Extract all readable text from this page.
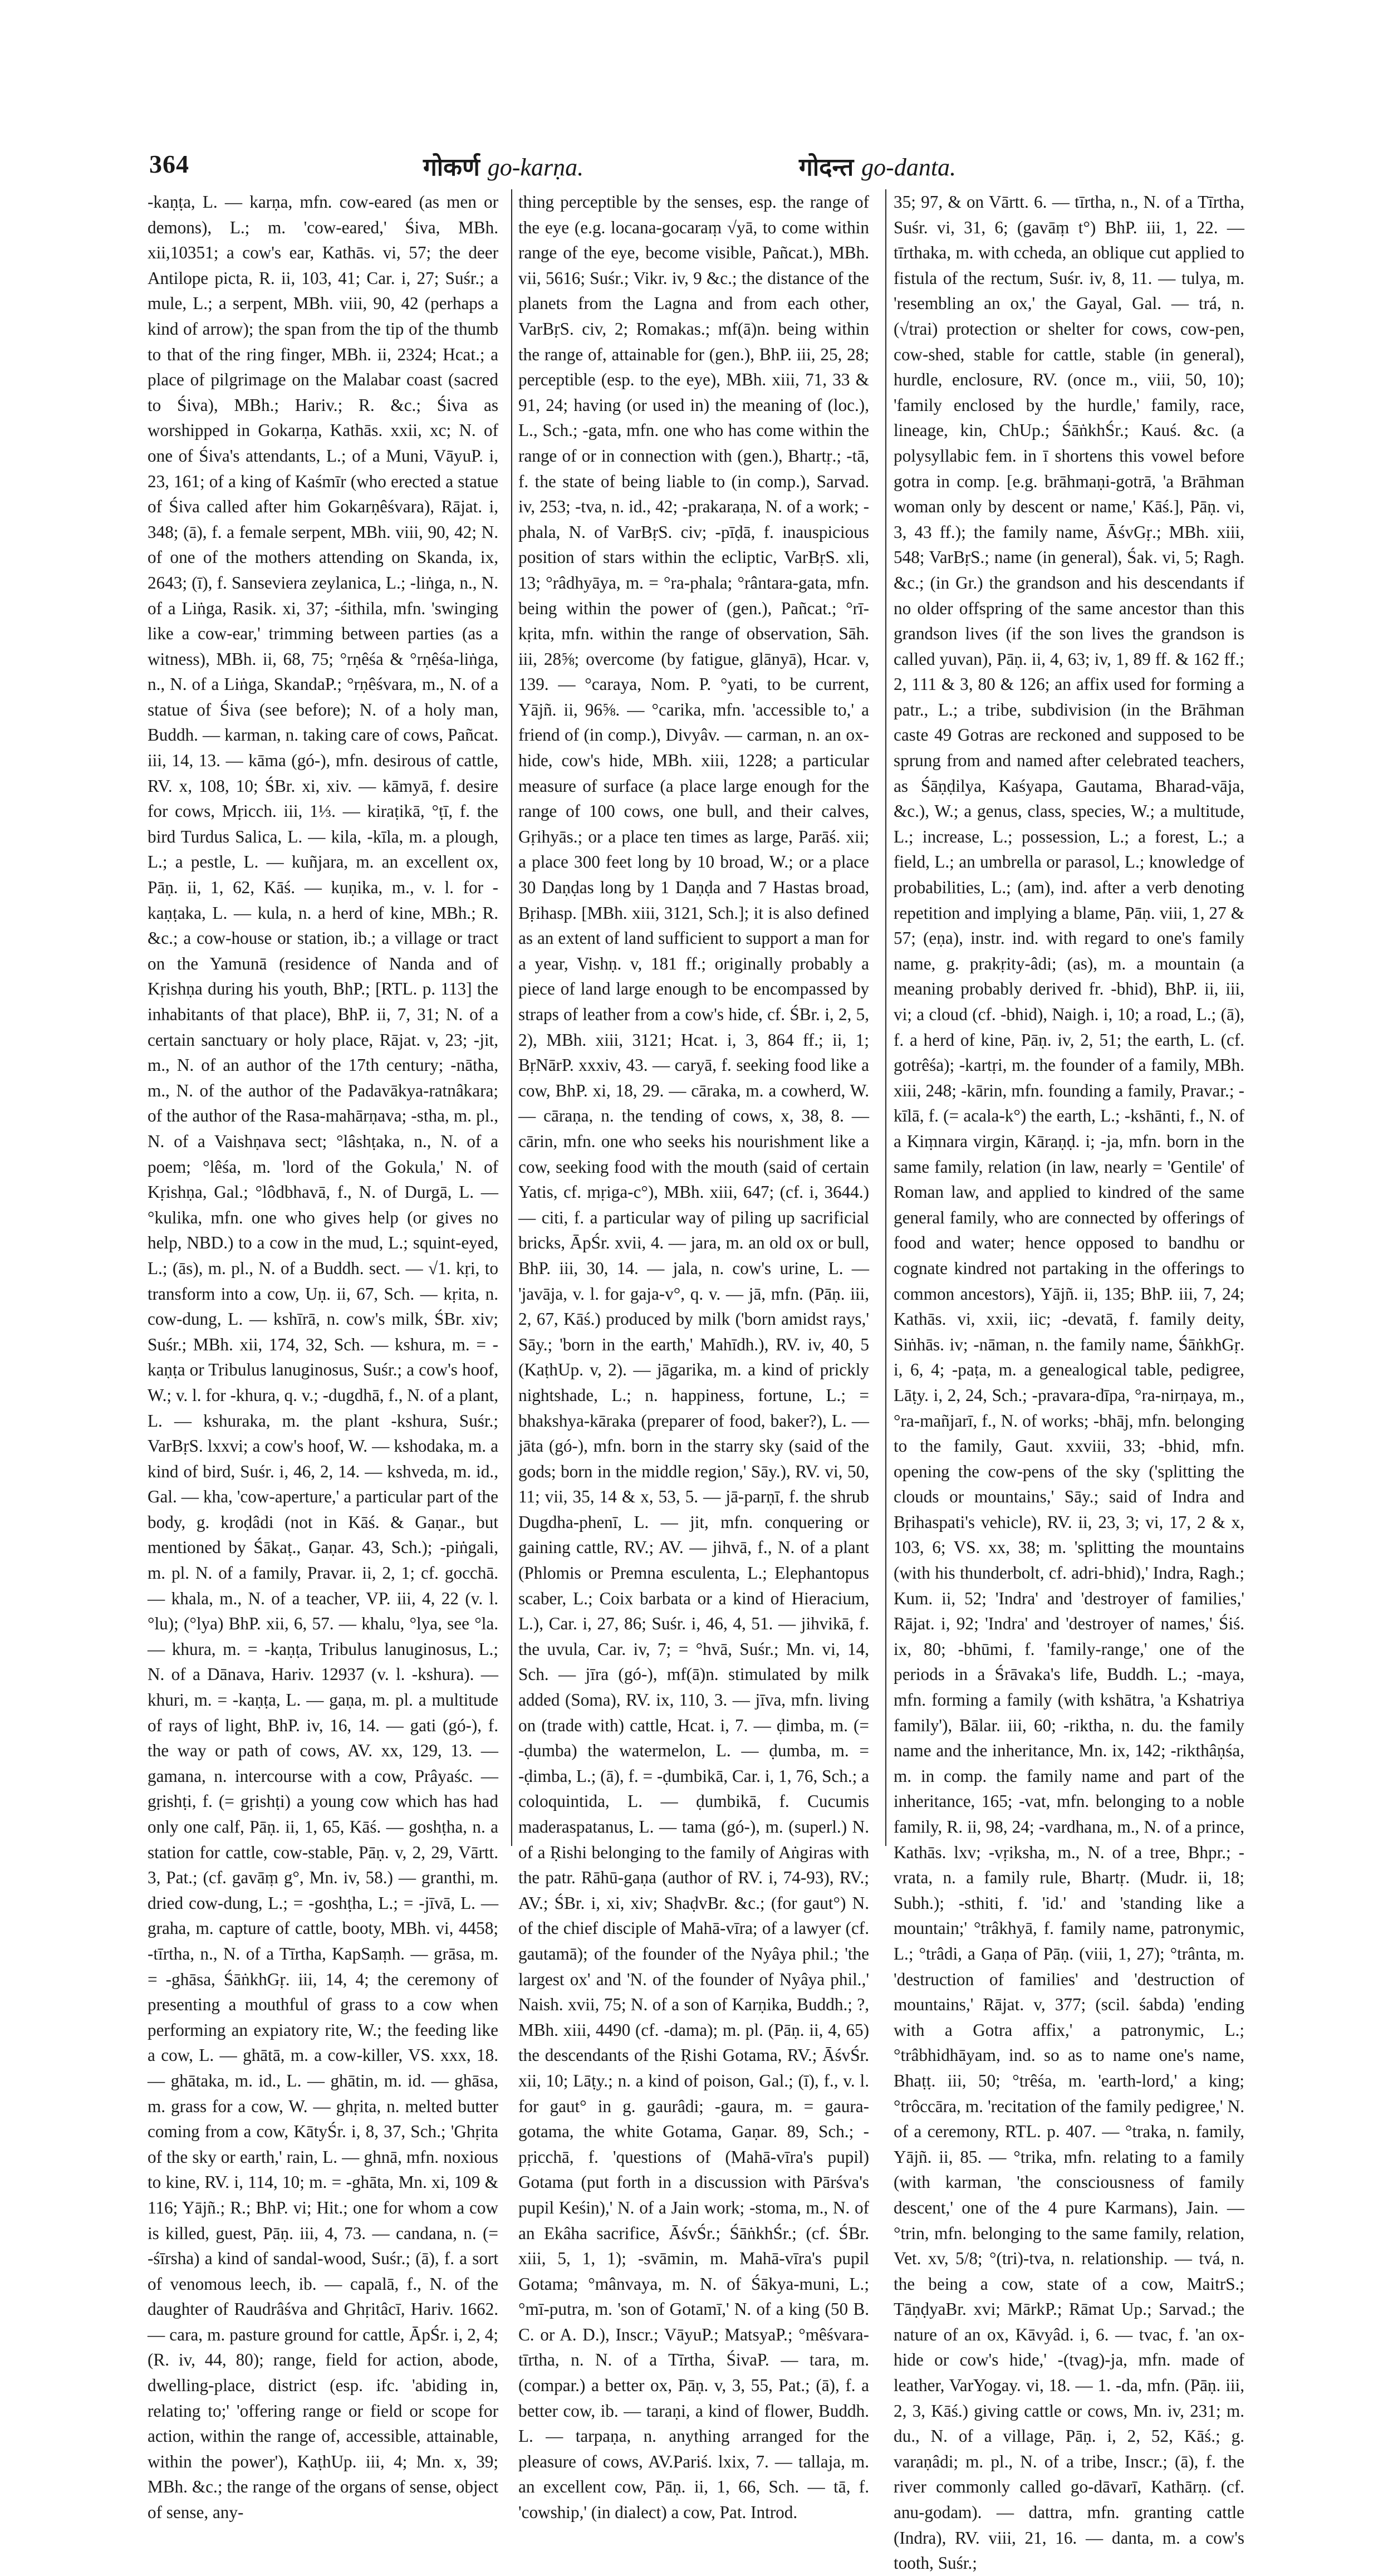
364	गोकर्ण go-karṇa.	गोदन्त go-danta.

-kaṇṭa, L. — karṇa, mfn. cow-eared (as men or demons), L.; m. 'cow-eared,' Śiva, MBh. xii,10351; a cow's ear, Kathās. vi, 57; the deer Antilope picta, R. ii, 103, 41; Car. i, 27; Suśr.; a mule, L.; a serpent, MBh. viii, 90, 42 (perhaps a kind of arrow); the span from the tip of the thumb to that of the ring finger, MBh. ii, 2324; Hcat.; a place of pilgrimage on the Malabar coast (sacred to Śiva), MBh.; Hariv.; R. &c.; Śiva as worshipped in Gokarṇa, Kathās. xxii, xc; N. of one of Śiva's attendants, L.; of a Muni, VāyuP. i, 23, 161; of a king of Kaśmīr (who erected a statue of Śiva called after him Gokarṇêśvara), Rājat. i, 348; (ā), f. a female serpent, MBh. viii, 90, 42; N. of one of the mothers attending on Skanda, ix, 2643; (ī), f. Sanseviera zeylanica, L.; -liṅga, n., N. of a Liṅga, Rasik. xi, 37; -śithila, mfn. 'swinging like a cow-ear,' trimming between parties (as a witness), MBh. ii, 68, 75; °rṇêśa & °rṇêśa-liṅga, n., N. of a Liṅga, SkandaP.; °rṇêśvara, m., N. of a statue of Śiva (see before); N. of a holy man, Buddh. — karman, n. taking care of cows, Pañcat. iii, 14, 13. — kāma (gó-), mfn. desirous of cattle, RV. x, 108, 10; ŚBr. xi, xiv. — kāmyā, f. desire for cows, Mṛicch. iii, 1⅓. — kiraṭikā, °ṭī, f. the bird Turdus Salica, L. — kila, -kīla, m. a plough, L.; a pestle, L. — kuñjara, m. an excellent ox, Pāṇ. ii, 1, 62, Kāś. — kuṇika, m., v. l. for -kaṇṭaka, L. — kula, n. a herd of kine, MBh.; R. &c.; a cow-house or station, ib.; a village or tract on the Yamunā (residence of Nanda and of Kṛishṇa during his youth, BhP.; [RTL. p. 113] the inhabitants of that place), BhP. ii, 7, 31; N. of a certain sanctuary or holy place, Rājat. v, 23; -jit, m., N. of an author of the 17th century; -nātha, m., N. of the author of the Padavākya-ratnâkara; of the author of the Rasa-mahārṇava; -stha, m. pl., N. of a Vaishṇava sect; °lâshṭaka, n., N. of a poem; °lêśa, m. 'lord of the Gokula,' N. of Kṛishṇa, Gal.; °lôdbhavā, f., N. of Durgā, L. — °kulika, mfn. one who gives help (or gives no help, NBD.) to a cow in the mud, L.; squint-eyed, L.; (ās), m. pl., N. of a Buddh. sect. — √1. kṛi, to transform into a cow, Uṇ. ii, 67, Sch. — kṛita, n. cow-dung, L. — kshīrā, n. cow's milk, ŚBr. xiv; Suśr.; MBh. xii, 174, 32, Sch. — kshura, m. = -kaṇṭa or Tribulus lanuginosus, Suśr.; a cow's hoof, W.; v. l. for -khura, q. v.; -dugdhā, f., N. of a plant, L. — kshuraka, m. the plant -kshura, Suśr.; VarBṛS. lxxvi; a cow's hoof, W. — kshodaka, m. a kind of bird, Suśr. i, 46, 2, 14. — kshveda, m. id., Gal. — kha, 'cow-aperture,' a particular part of the body, g. kroḍâdi (not in Kāś. & Gaṇar., but mentioned by Śākaṭ., Gaṇar. 43, Sch.); -piṅgali, m. pl. N. of a family, Pravar. ii, 2, 1; cf. gocchā. — khala, m., N. of a teacher, VP. iii, 4, 22 (v. l. °lu); (°lya) BhP. xii, 6, 57. — khalu, °lya, see °la. — khura, m. = -kaṇṭa, Tribulus lanuginosus, L.; N. of a Dānava, Hariv. 12937 (v. l. -kshura). — khuri, m. = -kaṇṭa, L. — gaṇa, m. pl. a multitude of rays of light, BhP. iv, 16, 14. — gati (gó-), f. the way or path of cows, AV. xx, 129, 13. — gamana, n. intercourse with a cow, Prâyaśc. — gṛishṭi, f. (= gṛishṭi) a young cow which has had only one calf, Pāṇ. ii, 1, 65, Kāś. — goshṭha, n. a station for cattle, cow-stable, Pāṇ. v, 2, 29, Vārtt. 3, Pat.; (cf. gavāṃ g°, Mn. iv, 58.) — granthi, m. dried cow-dung, L.; = -goshṭha, L.; = -jīvā, L. — graha, m. capture of cattle, booty, MBh. vi, 4458; -tīrtha, n., N. of a Tīrtha, KapSaṃh. — grāsa, m. = -ghāsa, ŚāṅkhGṛ. iii, 14, 4; the ceremony of presenting a mouthful of grass to a cow when performing an expiatory rite, W.; the feeding like a cow, L. — ghātā, m. a cow-killer, VS. xxx, 18. — ghātaka, m. id., L. — ghātin, m. id. — ghāsa, m. grass for a cow, W. — ghṛita, n. melted butter coming from a cow, KātyŚr. i, 8, 37, Sch.; 'Ghṛita of the sky or earth,' rain, L. — ghnā, mfn. noxious to kine, RV. i, 114, 10; m. = -ghāta, Mn. xi, 109 & 116; Yājñ.; R.; BhP. vi; Hit.; one for whom a cow is killed, guest, Pāṇ. iii, 4, 73. — candana, n. (= -śīrsha) a kind of sandal-wood, Suśr.; (ā), f. a sort of venomous leech, ib. — capalā, f., N. of the daughter of Raudrâśva and Ghṛitâcī, Hariv. 1662. — cara, m. pasture ground for cattle, ĀpŚr. i, 2, 4; (R. iv, 44, 80); range, field for action, abode, dwelling-place, district (esp. ifc. 'abiding in, relating to;' 'offering range or field or scope for action, within the range of, accessible, attainable, within the power'), KaṭhUp. iii, 4; Mn. x, 39; MBh. &c.; the range of the organs of sense, object of sense, any-

thing perceptible by the senses, esp. the range of the eye (e.g. locana-gocaraṃ √yā, to come within range of the eye, become visible, Pañcat.), MBh. vii, 5616; Suśr.; Vikr. iv, 9 &c.; the distance of the planets from the Lagna and from each other, VarBṛS. civ, 2; Romakas.; mf(ā)n. being within the range of, attainable for (gen.), BhP. iii, 25, 28; perceptible (esp. to the eye), MBh. xiii, 71, 33 & 91, 24; having (or used in) the meaning of (loc.), L., Sch.; -gata, mfn. one who has come within the range of or in connection with (gen.), Bhartṛ.; -tā, f. the state of being liable to (in comp.), Sarvad. iv, 253; -tva, n. id., 42; -prakaraṇa, N. of a work; -phala, N. of VarBṛS. civ; -pīḍā, f. inauspicious position of stars within the ecliptic, VarBṛS. xli, 13; °râdhyāya, m. = °ra-phala; °rântara-gata, mfn. being within the power of (gen.), Pañcat.; °rī-kṛita, mfn. within the range of observation, Sāh. iii, 28⅝; overcome (by fatigue, glānyā), Hcar. v, 139. — °caraya, Nom. P. °yati, to be current, Yājñ. ii, 96⅝. — °carika, mfn. 'accessible to,' a friend of (in comp.), Divyâv. — carman, n. an ox-hide, cow's hide, MBh. xiii, 1228; a particular measure of surface (a place large enough for the range of 100 cows, one bull, and their calves, Gṛihyās.; or a place ten times as large, Parāś. xii; a place 300 feet long by 10 broad, W.; or a place 30 Daṇḍas long by 1 Daṇḍa and 7 Hastas broad, Bṛihasp. [MBh. xiii, 3121, Sch.]; it is also defined as an extent of land sufficient to support a man for a year, Vishṇ. v, 181 ff.; originally probably a piece of land large enough to be encompassed by straps of leather from a cow's hide, cf. ŚBr. i, 2, 5, 2), MBh. xiii, 3121; Hcat. i, 3, 864 ff.; ii, 1; BṛNārP. xxxiv, 43. — caryā, f. seeking food like a cow, BhP. xi, 18, 29. — cāraka, m. a cowherd, W. — cāraṇa, n. the tending of cows, x, 38, 8. — cārin, mfn. one who seeks his nourishment like a cow, seeking food with the mouth (said of certain Yatis, cf. mṛiga-c°), MBh. xiii, 647; (cf. i, 3644.) — citi, f. a particular way of piling up sacrificial bricks, ĀpŚr. xvii, 4. — jara, m. an old ox or bull, BhP. iii, 30, 14. — jala, n. cow's urine, L. — 'javāja, v. l. for gaja-v°, q. v. — jā, mfn. (Pāṇ. iii, 2, 67, Kāś.) produced by milk ('born amidst rays,' Sāy.; 'born in the earth,' Mahīdh.), RV. iv, 40, 5 (KaṭhUp. v, 2). — jāgarika, m. a kind of prickly nightshade, L.; n. happiness, fortune, L.; = bhakshya-kāraka (preparer of food, baker?), L. — jāta (gó-), mfn. born in the starry sky (said of the gods; born in the middle region,' Sāy.), RV. vi, 50, 11; vii, 35, 14 & x, 53, 5. — jā-parṇī, f. the shrub Dugdha-phenī, L. — jit, mfn. conquering or gaining cattle, RV.; AV. — jihvā, f., N. of a plant (Phlomis or Premna esculenta, L.; Elephantopus scaber, L.; Coix barbata or a kind of Hieracium, L.), Car. i, 27, 86; Suśr. i, 46, 4, 51. — jihvikā, f. the uvula, Car. iv, 7; = °hvā, Suśr.; Mn. vi, 14, Sch. — jīra (gó-), mf(ā)n. stimulated by milk added (Soma), RV. ix, 110, 3. — jīva, mfn. living on (trade with) cattle, Hcat. i, 7. — ḍimba, m. (= -ḍumba) the watermelon, L. — ḍumba, m. = -ḍimba, L.; (ā), f. = -ḍumbikā, Car. i, 1, 76, Sch.; a coloquintida, L. — ḍumbikā, f. Cucumis maderaspatanus, L. — tama (gó-), m. (superl.) N. of a Ṛishi belonging to the family of Aṅgiras with the patr. Rāhū-gaṇa (author of RV. i, 74-93), RV.; AV.; ŚBr. i, xi, xiv; ShaḍvBr. &c.; (for gaut°) N. of the chief disciple of Mahā-vīra; of a lawyer (cf. gautamā); of the founder of the Nyâya phil.; 'the largest ox' and 'N. of the founder of Nyâya phil.,' Naish. xvii, 75; N. of a son of Karṇika, Buddh.; ?, MBh. xiii, 4490 (cf. -dama); m. pl. (Pāṇ. ii, 4, 65) the descendants of the Ṛishi Gotama, RV.; ĀśvŚr. xii, 10; Lāṭy.; n. a kind of poison, Gal.; (ī), f., v. l. for gaut° in g. gaurâdi; -gaura, m. = gaura-gotama, the white Gotama, Gaṇar. 89, Sch.; -pṛicchā, f. 'questions of (Mahā-vīra's pupil) Gotama (put forth in a discussion with Pārśva's pupil Keśin),' N. of a Jain work; -stoma, m., N. of an Ekâha sacrifice, ĀśvŚr.; ŚāṅkhŚr.; (cf. ŚBr. xiii, 5, 1, 1); -svāmin, m. Mahā-vīra's pupil Gotama; °mânvaya, m. N. of Śākya-muni, L.; °mī-putra, m. 'son of Gotamī,' N. of a king (50 B. C. or A. D.), Inscr.; VāyuP.; MatsyaP.; °mêśvara-tīrtha, n. N. of a Tīrtha, ŚivaP. — tara, m. (compar.) a better ox, Pāṇ. v, 3, 55, Pat.; (ā), f. a better cow, ib. — taraṇi, a kind of flower, Buddh. L. — tarpaṇa, n. anything arranged for the pleasure of cows, AV.Pariś. lxix, 7. — tallaja, m. an excellent cow, Pāṇ. ii, 1, 66, Sch. — tā, f. 'cowship,' (in dialect) a cow, Pat. Introd.

35; 97, & on Vārtt. 6. — tīrtha, n., N. of a Tīrtha, Suśr. vi, 31, 6; (gavāṃ t°) BhP. iii, 1, 22. — tīrthaka, m. with ccheda, an oblique cut applied to fistula of the rectum, Suśr. iv, 8, 11. — tulya, m. 'resembling an ox,' the Gayal, Gal. — trá, n. (√trai) protection or shelter for cows, cow-pen, cow-shed, stable for cattle, stable (in general), hurdle, enclosure, RV. (once m., viii, 50, 10); 'family enclosed by the hurdle,' family, race, lineage, kin, ChUp.; ŚāṅkhŚr.; Kauś. &c. (a polysyllabic fem. in ī shortens this vowel before gotra in comp. [e.g. brāhmaṇi-gotrā, 'a Brāhman woman only by descent or name,' Kāś.], Pāṇ. vi, 3, 43 ff.); the family name, ĀśvGṛ.; MBh. xiii, 548; VarBṛS.; name (in general), Śak. vi, 5; Ragh. &c.; (in Gr.) the grandson and his descendants if no older offspring of the same ancestor than this grandson lives (if the son lives the grandson is called yuvan), Pāṇ. ii, 4, 63; iv, 1, 89 ff. & 162 ff.; 2, 111 & 3, 80 & 126; an affix used for forming a patr., L.; a tribe, subdivision (in the Brāhman caste 49 Gotras are reckoned and supposed to be sprung from and named after celebrated teachers, as Śāṇḍilya, Kaśyapa, Gautama, Bharad-vāja, &c.), W.; a genus, class, species, W.; a multitude, L.; increase, L.; possession, L.; a forest, L.; a field, L.; an umbrella or parasol, L.; knowledge of probabilities, L.; (am), ind. after a verb denoting repetition and implying a blame, Pāṇ. viii, 1, 27 & 57; (eṇa), instr. ind. with regard to one's family name, g. prakṛity-âdi; (as), m. a mountain (a meaning probably derived fr. -bhid), BhP. ii, iii, vi; a cloud (cf. -bhid), Naigh. i, 10; a road, L.; (ā), f. a herd of kine, Pāṇ. iv, 2, 51; the earth, L. (cf. gotrêśa); -kartṛi, m. the founder of a family, MBh. xiii, 248; -kārin, mfn. founding a family, Pravar.; -kīlā, f. (= acala-k°) the earth, L.; -kshānti, f., N. of a Kiṃnara virgin, Kāraṇḍ. i; -ja, mfn. born in the same family, relation (in law, nearly = 'Gentile' of Roman law, and applied to kindred of the same general family, who are connected by offerings of food and water; hence opposed to bandhu or cognate kindred not partaking in the offerings to common ancestors), Yājñ. ii, 135; BhP. iii, 7, 24; Kathās. vi, xxii, iic; -devatā, f. family deity, Siṅhās. iv; -nāman, n. the family name, ŚāṅkhGṛ. i, 6, 4; -paṭa, m. a genealogical table, pedigree, Lāṭy. i, 2, 24, Sch.; -pravara-dīpa, °ra-nirṇaya, m., °ra-mañjarī, f., N. of works; -bhāj, mfn. belonging to the family, Gaut. xxviii, 33; -bhid, mfn. opening the cow-pens of the sky ('splitting the clouds or mountains,' Sāy.; said of Indra and Bṛihaspati's vehicle), RV. ii, 23, 3; vi, 17, 2 & x, 103, 6; VS. xx, 38; m. 'splitting the mountains (with his thunderbolt, cf. adri-bhid),' Indra, Ragh.; Kum. ii, 52; 'Indra' and 'destroyer of families,' Rājat. i, 92; 'Indra' and 'destroyer of names,' Śiś. ix, 80; -bhūmi, f. 'family-range,' one of the periods in a Śrāvaka's life, Buddh. L.; -maya, mfn. forming a family (with kshātra, 'a Kshatriya family'), Bālar. iii, 60; -riktha, n. du. the family name and the inheritance, Mn. ix, 142; -rikthâṇśa, m. in comp. the family name and part of the inheritance, 165; -vat, mfn. belonging to a noble family, R. ii, 98, 24; -vardhana, m., N. of a prince, Kathās. lxv; -vṛiksha, m., N. of a tree, Bhpr.; -vrata, n. a family rule, Bhartṛ. (Mudr. ii, 18; Subh.); -sthiti, f. 'id.' and 'standing like a mountain;' °trâkhyā, f. family name, patronymic, L.; °trâdi, a Gaṇa of Pāṇ. (viii, 1, 27); °trânta, m. 'destruction of families' and 'destruction of mountains,' Rājat. v, 377; (scil. śabda) 'ending with a Gotra affix,' a patronymic, L.; °trâbhidhāyam, ind. so as to name one's name, Bhaṭṭ. iii, 50; °trêśa, m. 'earth-lord,' a king; °trôccāra, m. 'recitation of the family pedigree,' N. of a ceremony, RTL. p. 407. — °traka, n. family, Yājñ. ii, 85. — °trika, mfn. relating to a family (with karman, 'the consciousness of family descent,' one of the 4 pure Karmans), Jain. — °trin, mfn. belonging to the same family, relation, Vet. xv, 5/8; °(tri)-tva, n. relationship. — tvá, n. the being a cow, state of a cow, MaitrS.; TāṇḍyaBr. xvi; MārkP.; Rāmat Up.; Sarvad.; the nature of an ox, Kāvyâd. i, 6. — tvac, f. 'an ox-hide or cow's hide,' -(tvag)-ja, mfn. made of leather, VarYogay. vi, 18. — 1. -da, mfn. (Pāṇ. iii, 2, 3, Kāś.) giving cattle or cows, Mn. iv, 231; m. du., N. of a village, Pāṇ. i, 2, 52, Kāś.; g. varaṇâdi; m. pl., N. of a tribe, Inscr.; (ā), f. the river commonly called go-dāvarī, Kathārṇ. (cf. anu-godam). — dattra, mfn. granting cattle (Indra), RV. viii, 21, 16. — danta, m. a cow's tooth, Suśr.;
